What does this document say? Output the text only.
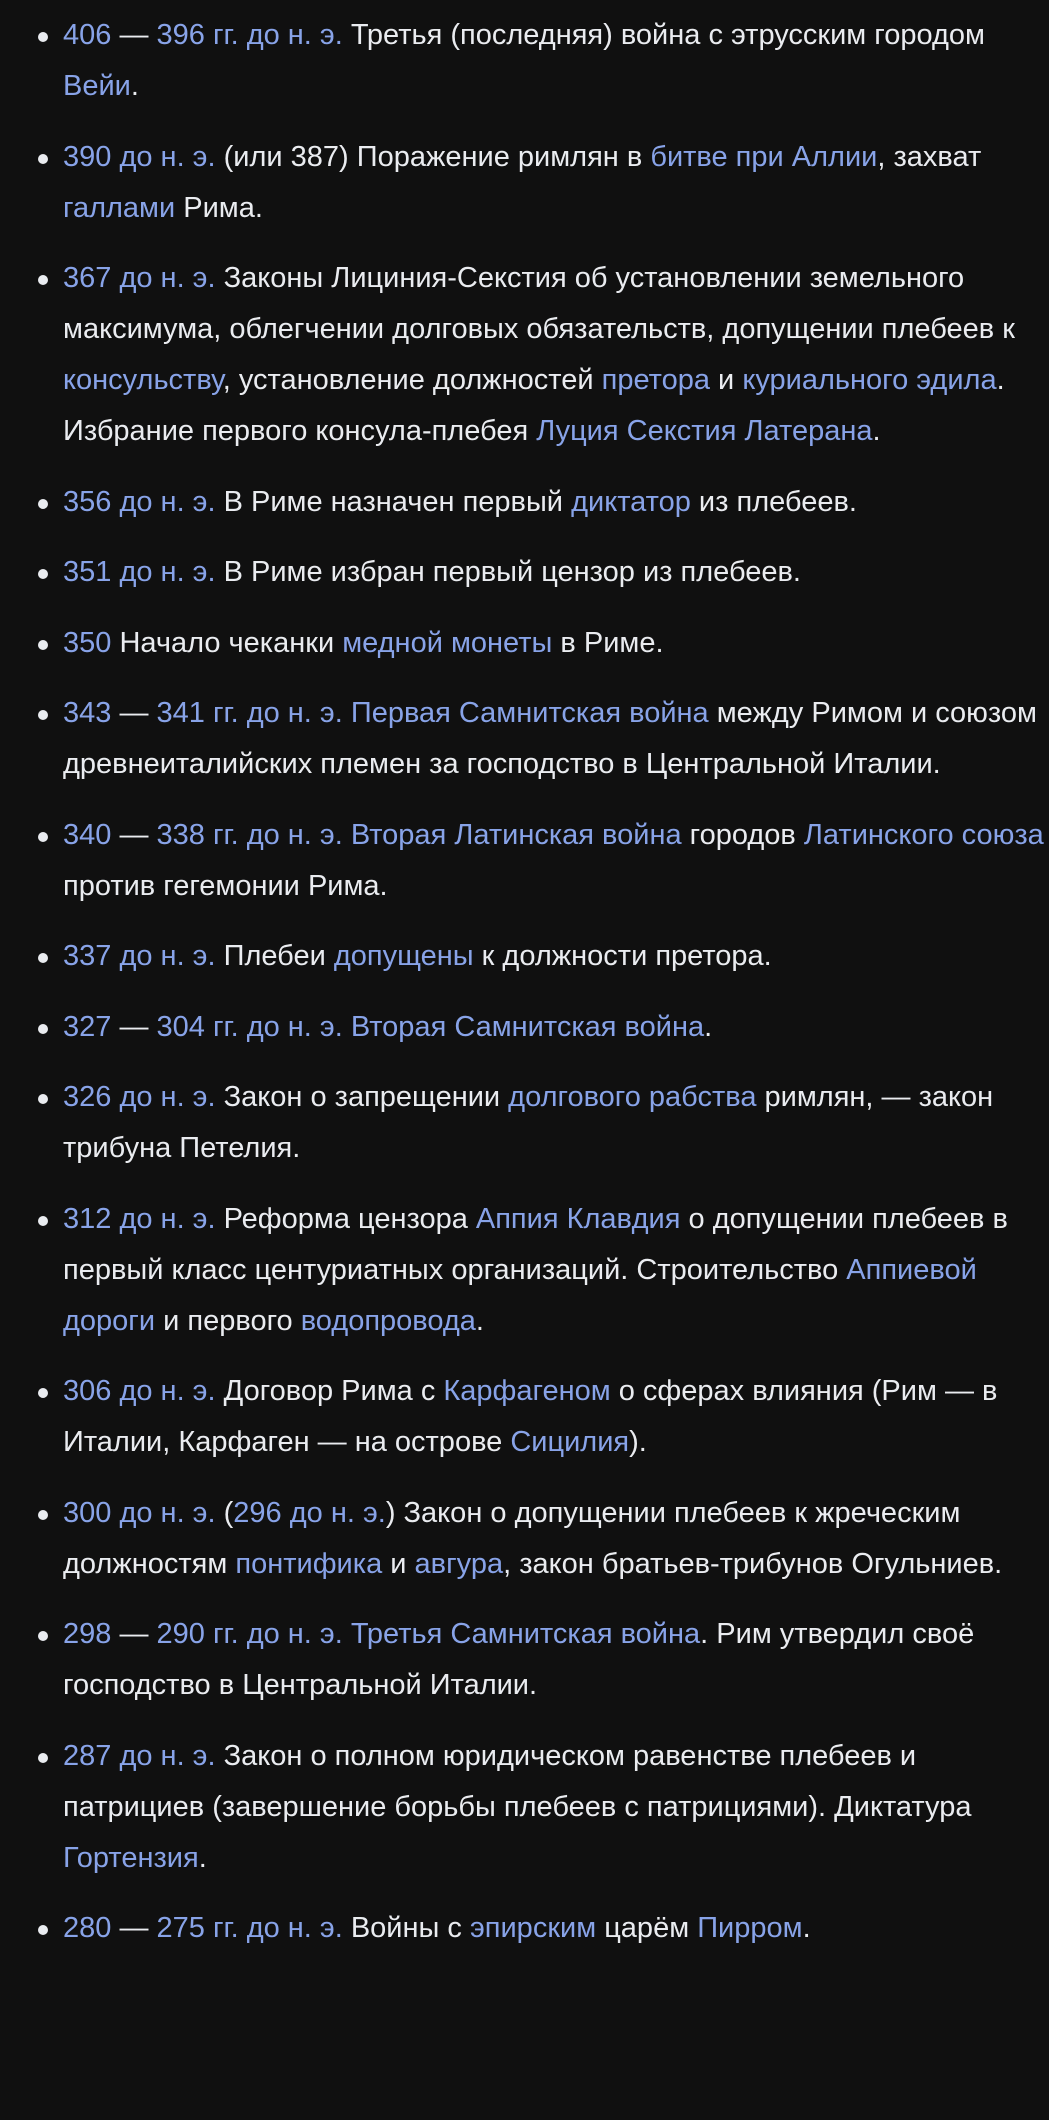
406 — 396 гг. до н. э. Третья (последняя) война с этрусским городом Вейи.
390 до н. э. (или 387) Поражение римлян в битве при Аллии, захват галлами Рима.
367 до н. э. Законы Лициния-Секстия об установлении земельного максимума, облегчении долговых обязательств, допущении плебеев к консульству, установление должностей претора и куриального эдила. Избрание первого консула-плебея Луция Секстия Латерана.
356 до н. э. В Риме назначен первый диктатор из плебеев.
351 до н. э. В Риме избран первый цензор из плебеев.
350 Начало чеканки медной монеты в Риме.
343 — 341 гг. до н. э. Первая Самнитская война между Римом и союзом древнеиталийских племен за господство в Центральной Италии.
340 — 338 гг. до н. э. Вторая Латинская война городов Латинского союза против гегемонии Рима.
337 до н. э. Плебеи допущены к должности претора.
327 — 304 гг. до н. э. Вторая Самнитская война.
326 до н. э. Закон о запрещении долгового рабства римлян, — закон трибуна Петелия.
312 до н. э. Реформа цензора Аппия Клавдия о допущении плебеев в первый класс центуриатных организаций. Строительство Аппиевой дороги и первого водопровода.
306 до н. э. Договор Рима с Карфагеном о сферах влияния (Рим — в Италии, Карфаген — на острове Сицилия).
300 до н. э. (296 до н. э.) Закон о допущении плебеев к жреческим должностям понтифика и авгура, закон братьев-трибунов Огульниев.
298 — 290 гг. до н. э. Третья Самнитская война. Рим утвердил своё господство в Центральной Италии.
287 до н. э. Закон о полном юридическом равенстве плебеев и патрициев (завершение борьбы плебеев с патрициями). Диктатура Гортензия.
280 — 275 гг. до н. э. Войны с эпирским царём Пирром.
